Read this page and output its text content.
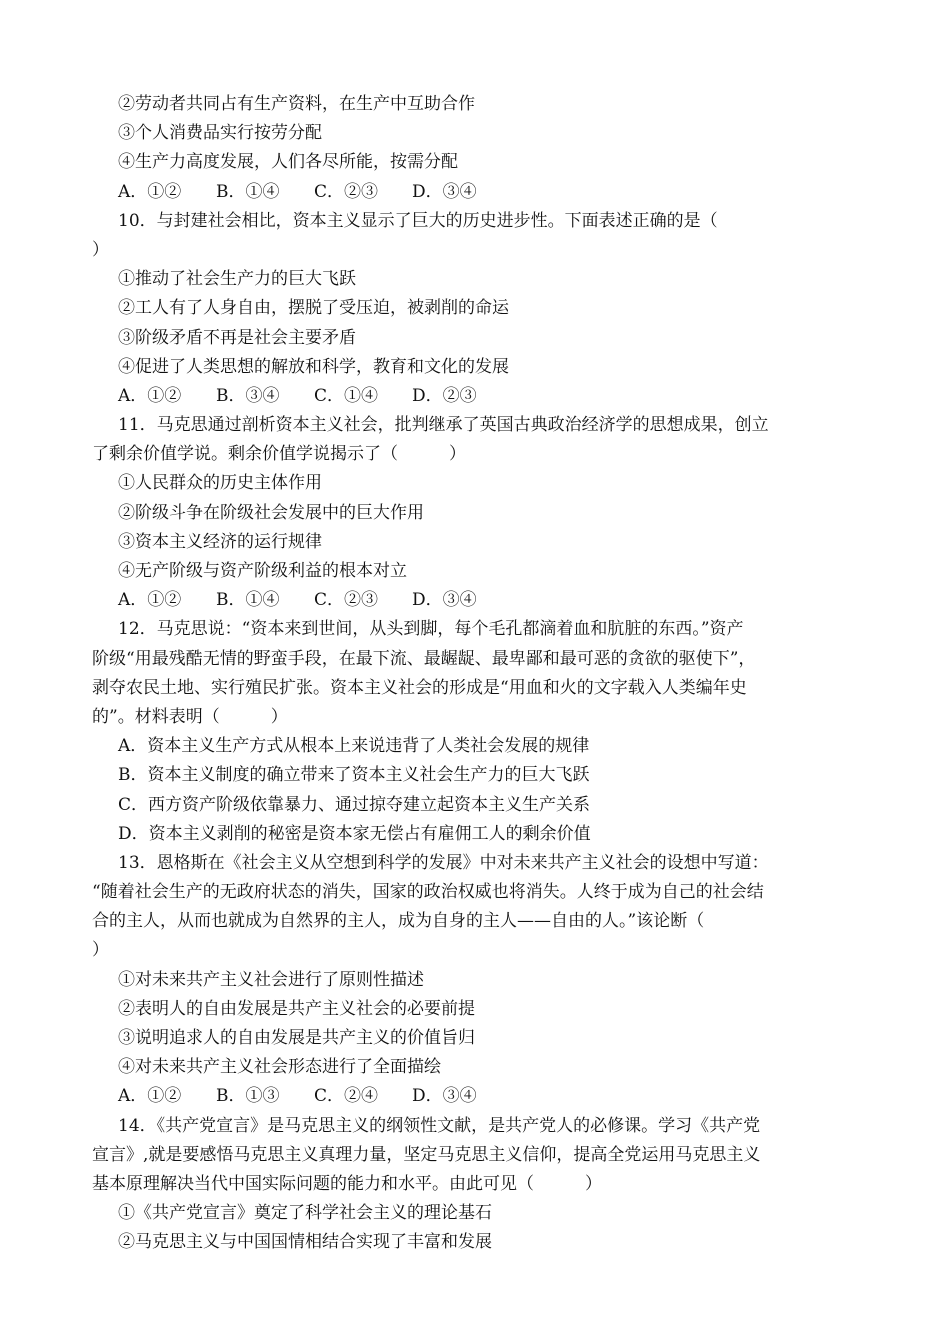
②劳动者共同占有生产资料，在生产中互助合作
③个人消费品实行按劳分配
④生产力高度发展，人们各尽所能，按需分配
A．①②	B．①④	C．②③	D．③④
10．与封建社会相比，资本主义显示了巨大的历史进步性。下面表述正确的是（
）
①推动了社会生产力的巨大飞跃
②工人有了人身自由，摆脱了受压迫，被剥削的命运
③阶级矛盾不再是社会主要矛盾
④促进了人类思想的解放和科学，教育和文化的发展
A．①②	B．③④	C．①④	D．②③
11．马克思通过剖析资本主义社会，批判继承了英国古典政治经济学的思想成果，创立
了剩余价值学说。剩余价值学说揭示了（　　　）
①人民群众的历史主体作用
②阶级斗争在阶级社会发展中的巨大作用
③资本主义经济的运行规律
④无产阶级与资产阶级利益的根本对立
A．①②	B．①④	C．②③	D．③④
12．马克思说：“资本来到世间，从头到脚，每个毛孔都滴着血和肮脏的东西。”资产
阶级“用最残酷无情的野蛮手段，在最下流、最龌龊、最卑鄙和最可恶的贪欲的驱使下”，
剥夺农民土地、实行殖民扩张。资本主义社会的形成是“用血和火的文字载入人类编年史
的”。材料表明（　　　）
A．资本主义生产方式从根本上来说违背了人类社会发展的规律
B．资本主义制度的确立带来了资本主义社会生产力的巨大飞跃
C．西方资产阶级依靠暴力、通过掠夺建立起资本主义生产关系
D．资本主义剥削的秘密是资本家无偿占有雇佣工人的剩余价值
13．恩格斯在《社会主义从空想到科学的发展》中对未来共产主义社会的设想中写道：
“随着社会生产的无政府状态的消失，国家的政治权威也将消失。人终于成为自己的社会结
合的主人，从而也就成为自然界的主人，成为自身的主人——自由的人。”该论断（
）
①对未来共产主义社会进行了原则性描述
②表明人的自由发展是共产主义社会的必要前提
③说明追求人的自由发展是共产主义的价值旨归
④对未来共产主义社会形态进行了全面描绘
A．①②	B．①③	C．②④	D．③④
14．《共产党宣言》是马克思主义的纲领性文献，是共产党人的必修课。学习《共产党
宣言》,就是要感悟马克思主义真理力量，坚定马克思主义信仰，提高全党运用马克思主义
基本原理解决当代中国实际问题的能力和水平。由此可见（　　　）
①《共产党宣言》奠定了科学社会主义的理论基石
②马克思主义与中国国情相结合实现了丰富和发展
